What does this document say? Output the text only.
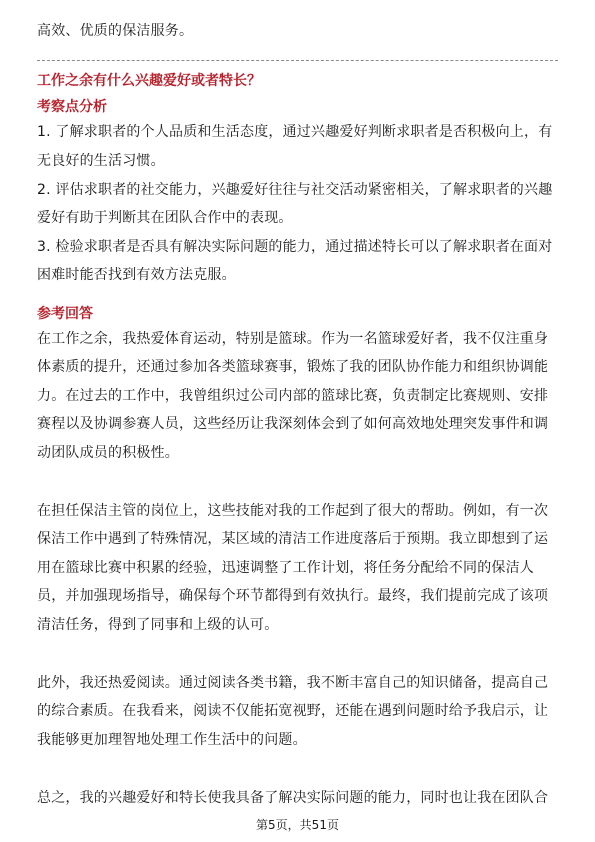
高效、优质的保洁服务。
工作之余有什么兴趣爱好或者特长？
考察点分析
1. 了解求职者的个人品质和生活态度，通过兴趣爱好判断求职者是否积极向上，有
无良好的生活习惯。
2. 评估求职者的社交能力，兴趣爱好往往与社交活动紧密相关，了解求职者的兴趣
爱好有助于判断其在团队合作中的表现。
3. 检验求职者是否具有解决实际问题的能力，通过描述特长可以了解求职者在面对
困难时能否找到有效方法克服。
参考回答
在工作之余，我热爱体育运动，特别是篮球。作为一名篮球爱好者，我不仅注重身
体素质的提升，还通过参加各类篮球赛事，锻炼了我的团队协作能力和组织协调能
力。在过去的工作中，我曾组织过公司内部的篮球比赛，负责制定比赛规则、安排
赛程以及协调参赛人员，这些经历让我深刻体会到了如何高效地处理突发事件和调
动团队成员的积极性。
在担任保洁主管的岗位上，这些技能对我的工作起到了很大的帮助。例如，有一次
保洁工作中遇到了特殊情况，某区域的清洁工作进度落后于预期。我立即想到了运
用在篮球比赛中积累的经验，迅速调整了工作计划，将任务分配给不同的保洁人
员，并加强现场指导，确保每个环节都得到有效执行。最终，我们提前完成了该项
清洁任务，得到了同事和上级的认可。
此外，我还热爱阅读。通过阅读各类书籍，我不断丰富自己的知识储备，提高自己
的综合素质。在我看来，阅读不仅能拓宽视野，还能在遇到问题时给予我启示，让
我能够更加理智地处理工作生活中的问题。
总之，我的兴趣爱好和特长使我具备了解决实际问题的能力，同时也让我在团队合
第5页，共51页
